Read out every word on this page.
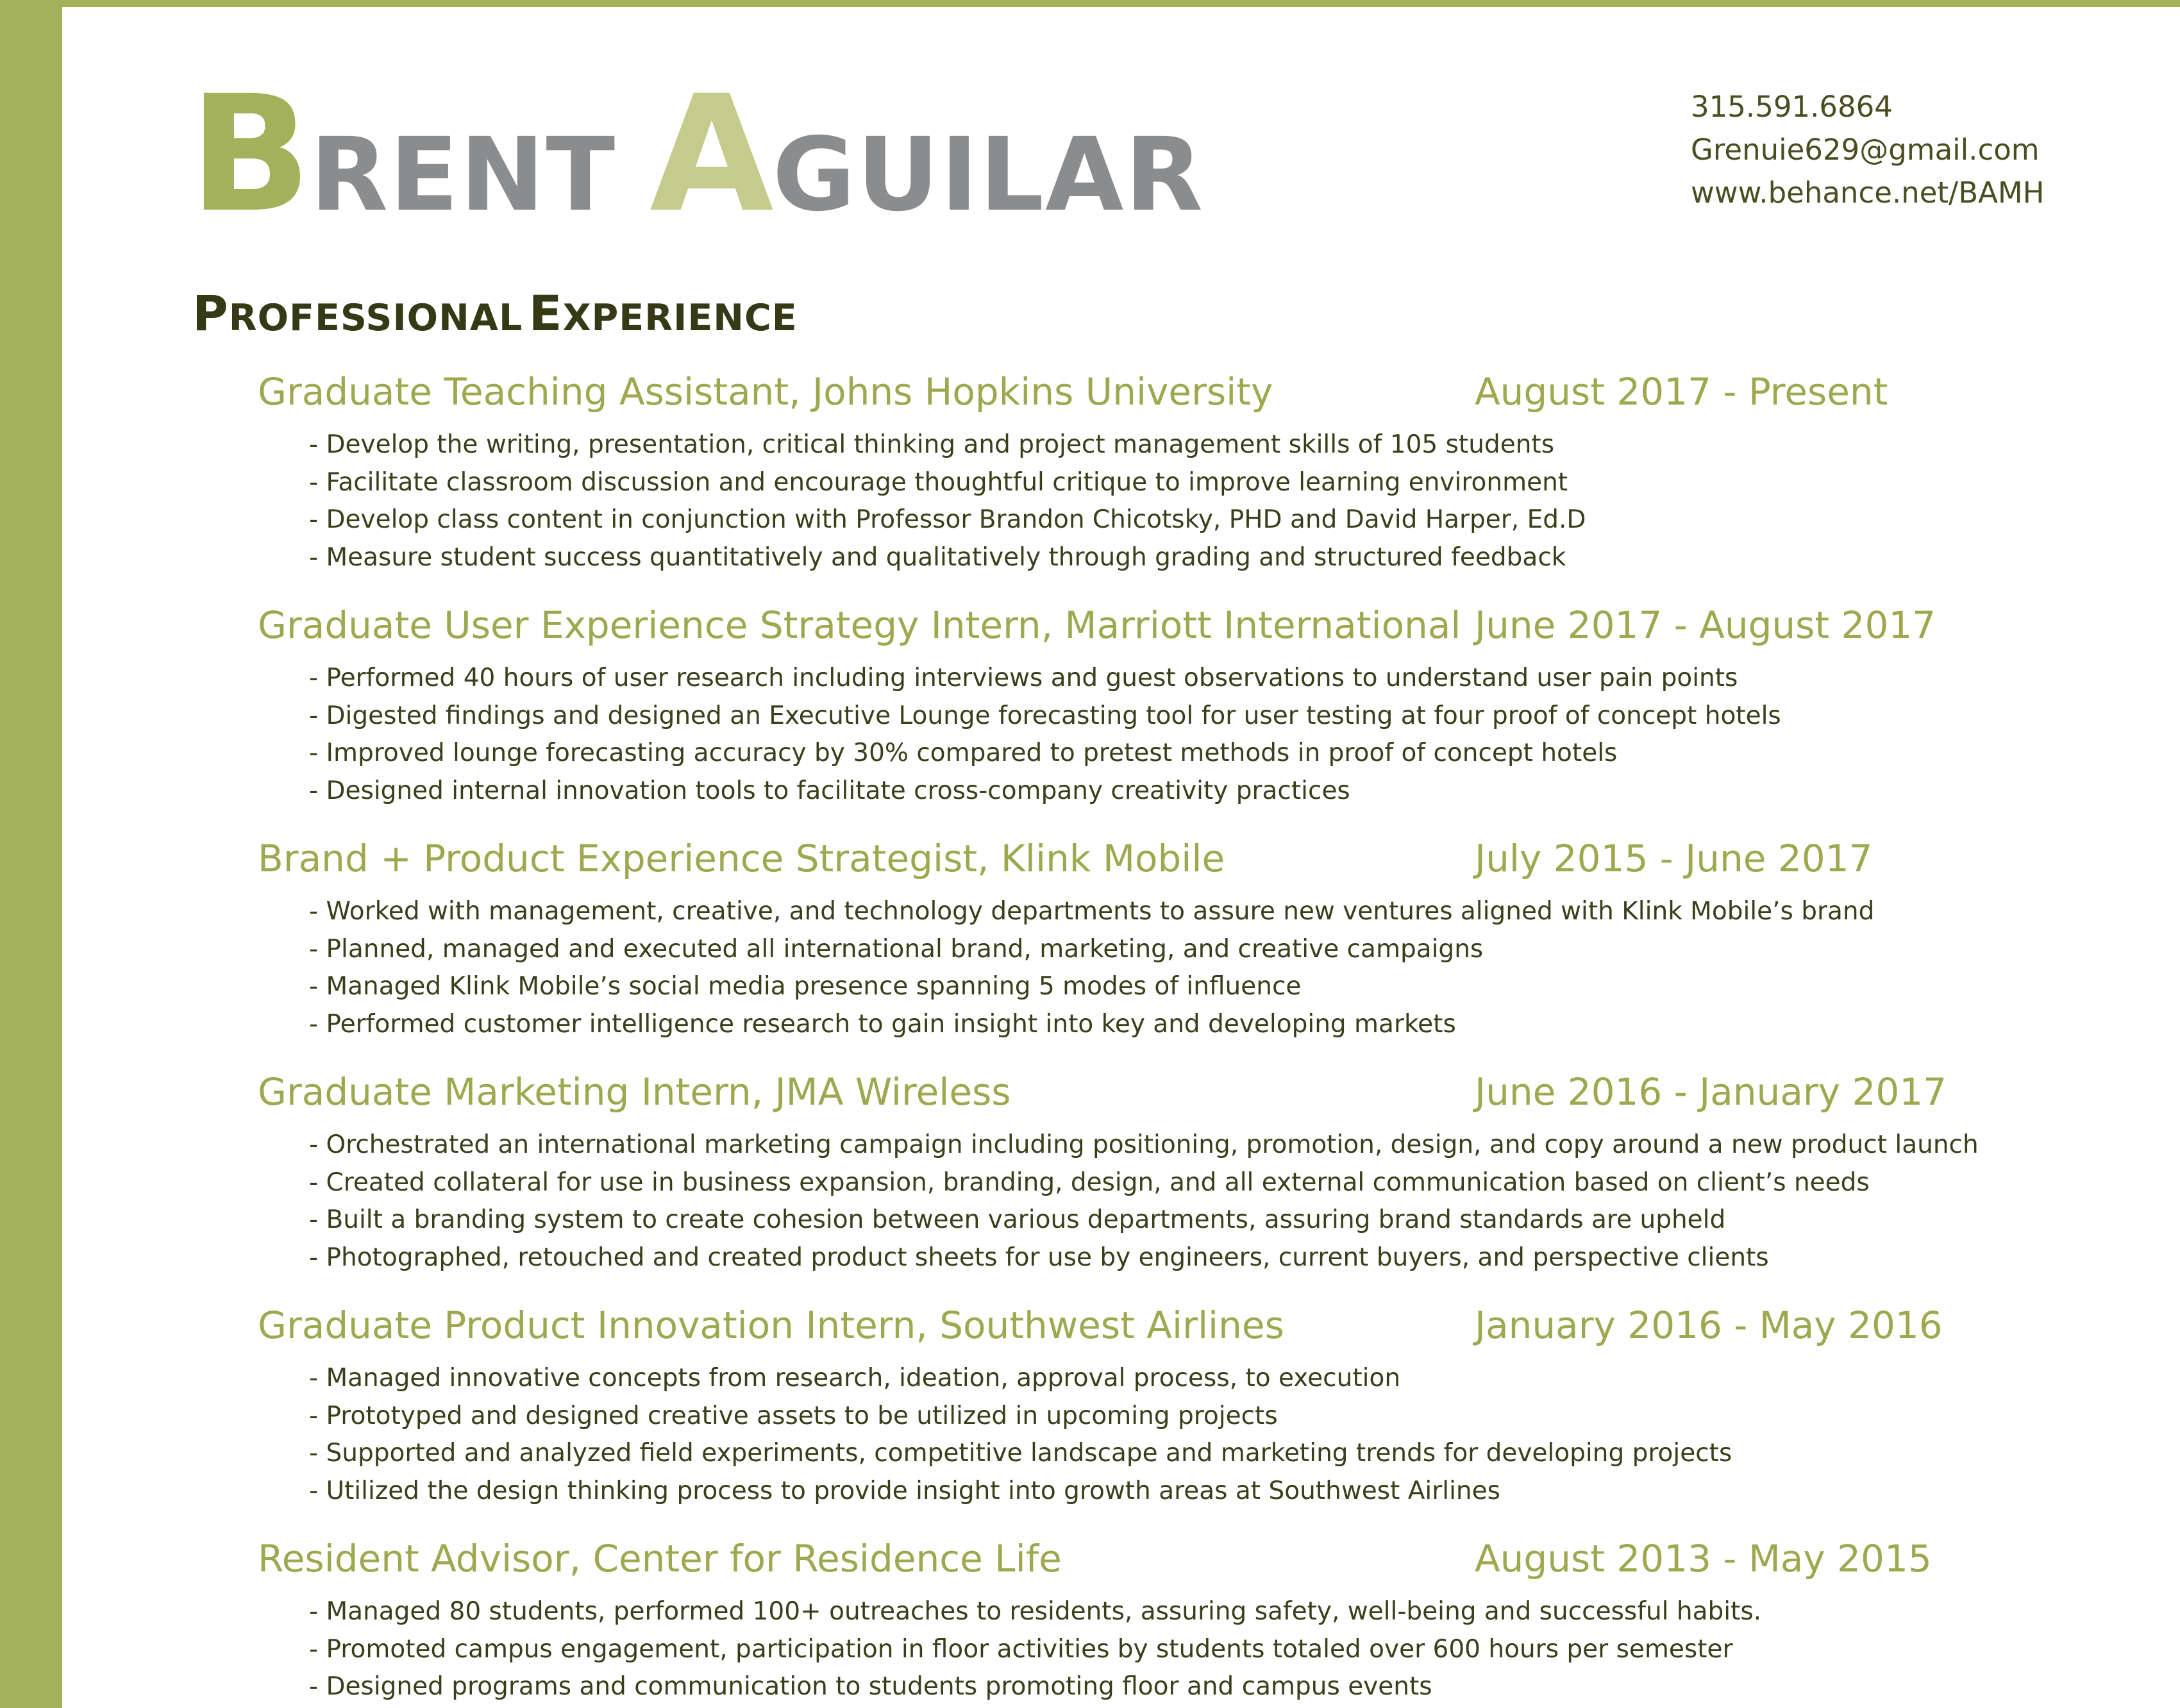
BRENT AGUILAR
315.591.6864
Grenuie629@gmail.com
www.behance.net/BAMH
PROFESSIONAL EXPERIENCE
Graduate Teaching Assistant, Johns Hopkins University	August 2017 - Present
- Develop the writing, presentation, critical thinking and project management skills of 105 students
- Facilitate classroom discussion and encourage thoughtful critique to improve learning environment
- Develop class content in conjunction with Professor Brandon Chicotsky, PHD and David Harper, Ed.D
- Measure student success quantitatively and qualitatively through grading and structured feedback
Graduate User Experience Strategy Intern, Marriott International June 2017 - August 2017
- Performed 40 hours of user research including interviews and guest observations to understand user pain points
- Digested findings and designed an Executive Lounge forecasting tool for user testing at four proof of concept hotels
- Improved lounge forecasting accuracy by 30% compared to pretest methods in proof of concept hotels
- Designed internal innovation tools to facilitate cross-company creativity practices
Brand + Product Experience Strategist, Klink Mobile	July 2015 - June 2017
- Worked with management, creative, and technology departments to assure new ventures aligned with Klink Mobile’s brand
- Planned, managed and executed all international brand, marketing, and creative campaigns
- Managed Klink Mobile’s social media presence spanning 5 modes of influence
- Performed customer intelligence research to gain insight into key and developing markets
Graduate Marketing Intern, JMA Wireless	June 2016 - January 2017
- Orchestrated an international marketing campaign including positioning, promotion, design, and copy around a new product launch
- Created collateral for use in business expansion, branding, design, and all external communication based on client’s needs
- Built a branding system to create cohesion between various departments, assuring brand standards are upheld
- Photographed, retouched and created product sheets for use by engineers, current buyers, and perspective clients
Graduate Product Innovation Intern, Southwest Airlines	January 2016 - May 2016
- Managed innovative concepts from research, ideation, approval process, to execution
- Prototyped and designed creative assets to be utilized in upcoming projects
- Supported and analyzed field experiments, competitive landscape and marketing trends for developing projects
- Utilized the design thinking process to provide insight into growth areas at Southwest Airlines
Resident Advisor, Center for Residence Life	August 2013 - May 2015
- Managed 80 students, performed 100+ outreaches to residents, assuring safety, well-being and successful habits.
- Promoted campus engagement, participation in floor activities by students totaled over 600 hours per semester
- Designed programs and communication to students promoting floor and campus events
